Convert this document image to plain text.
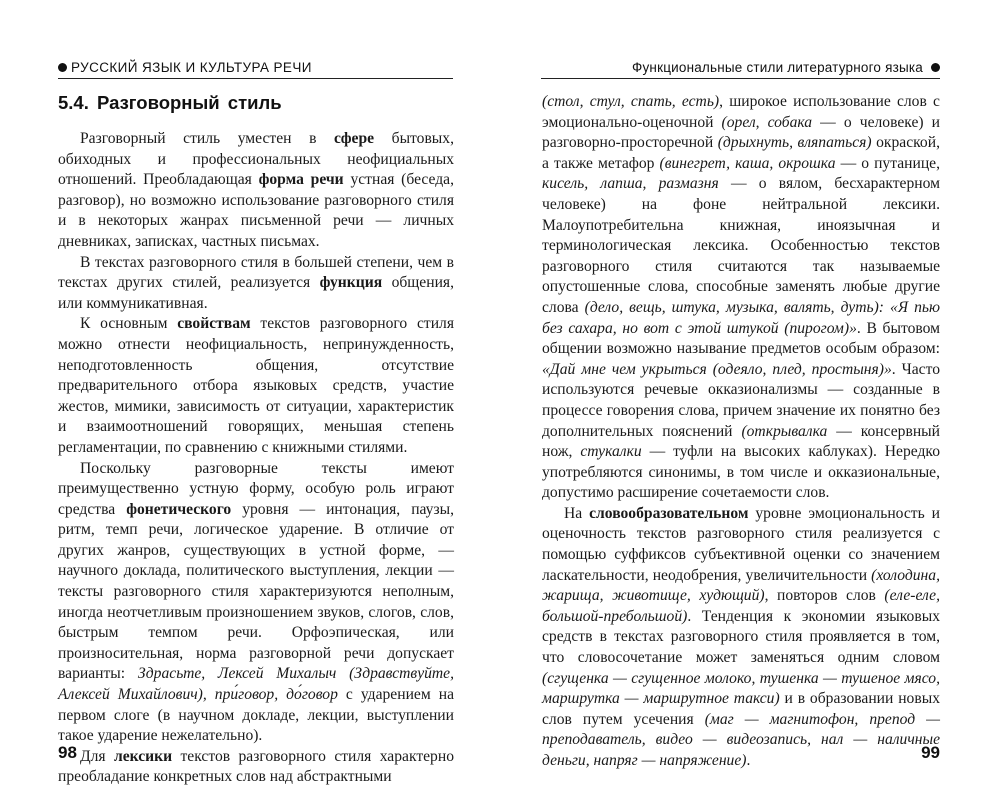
РУССКИЙ ЯЗЫК И КУЛЬТУРА РЕЧИ
5.4. Разговорный стиль

Разговорный стиль уместен в сфере бытовых, обиходных и профессиональных неофициальных отношений. Преобладающая форма речи устная (беседа, разговор), но возможно использование разговорного стиля и в некоторых жанрах письменной речи — личных дневниках, записках, частных письмах.

В текстах разговорного стиля в большей степени, чем в текстах других стилей, реализуется функция общения, или коммуникативная.

К основным свойствам текстов разговорного стиля можно отнести неофициальность, непринужденность, неподготовленность общения, отсутствие предварительного отбора языковых средств, участие жестов, мимики, зависимость от ситуации, характеристик и взаимоотношений говорящих, меньшая степень регламентации, по сравнению с книжными стилями.

Поскольку разговорные тексты имеют преимущественно устную форму, особую роль играют средства фонетического уровня — интонация, паузы, ритм, темп речи, логическое ударение. В отличие от других жанров, существующих в устной форме, — научного доклада, политического выступления, лекции — тексты разговорного стиля характеризуются неполным, иногда неотчетливым произношением звуков, слогов, слов, быстрым темпом речи. Орфоэпическая, или произносительная, норма разговорной речи допускает варианты: Здрасьте, Лексей Михалыч (Здравствуйте, Алексей Михайлович), при́говор, до́говор с ударением на первом слоге (в научном докладе, лекции, выступлении такое ударение нежелательно).

Для лексики текстов разговорного стиля характерно преобладание конкретных слов над абстрактными

98
Функциональные стили литературного языка

(стол, стул, спать, есть), широкое использование слов с эмоционально-оценочной (орел, собака — о человеке) и разговорно-просторечной (дрыхнуть, вляпаться) окраской, а также метафор (винегрет, каша, окрошка — о путанице, кисель, лапша, размазня — о вялом, бесхарактерном человеке) на фоне нейтральной лексики. Малоупотребительна книжная, иноязычная и терминологическая лексика. Особенностью текстов разговорного стиля считаются так называемые опустошенные слова, способные заменять любые другие слова (дело, вещь, штука, музыка, валять, дуть): «Я пью без сахара, но вот с этой штукой (пирогом)». В бытовом общении возможно называние предметов особым образом: «Дай мне чем укрыться (одеяло, плед, простыня)». Часто используются речевые окказионализмы — созданные в процессе говорения слова, причем значение их понятно без дополнительных пояснений (открывалка — консервный нож, стукалки — туфли на высоких каблуках). Нередко употребляются синонимы, в том числе и окказиональные, допустимо расширение сочетаемости слов.

На словообразовательном уровне эмоциональность и оценочность текстов разговорного стиля реализуется с помощью суффиксов субъективной оценки со значением ласкательности, неодобрения, увеличительности (холодина, жарища, животище, худющий), повторов слов (еле-еле, большой-пребольшой). Тенденция к экономии языковых средств в текстах разговорного стиля проявляется в том, что словосочетание может заменяться одним словом (сгущенка — сгущенное молоко, тушенка — тушеное мясо, маршрутка — маршрутное такси) и в образовании новых слов путем усечения (маг — магнитофон, препод — преподаватель, видео — видеозапись, нал — наличные деньги, напряг — напряжение).	99
